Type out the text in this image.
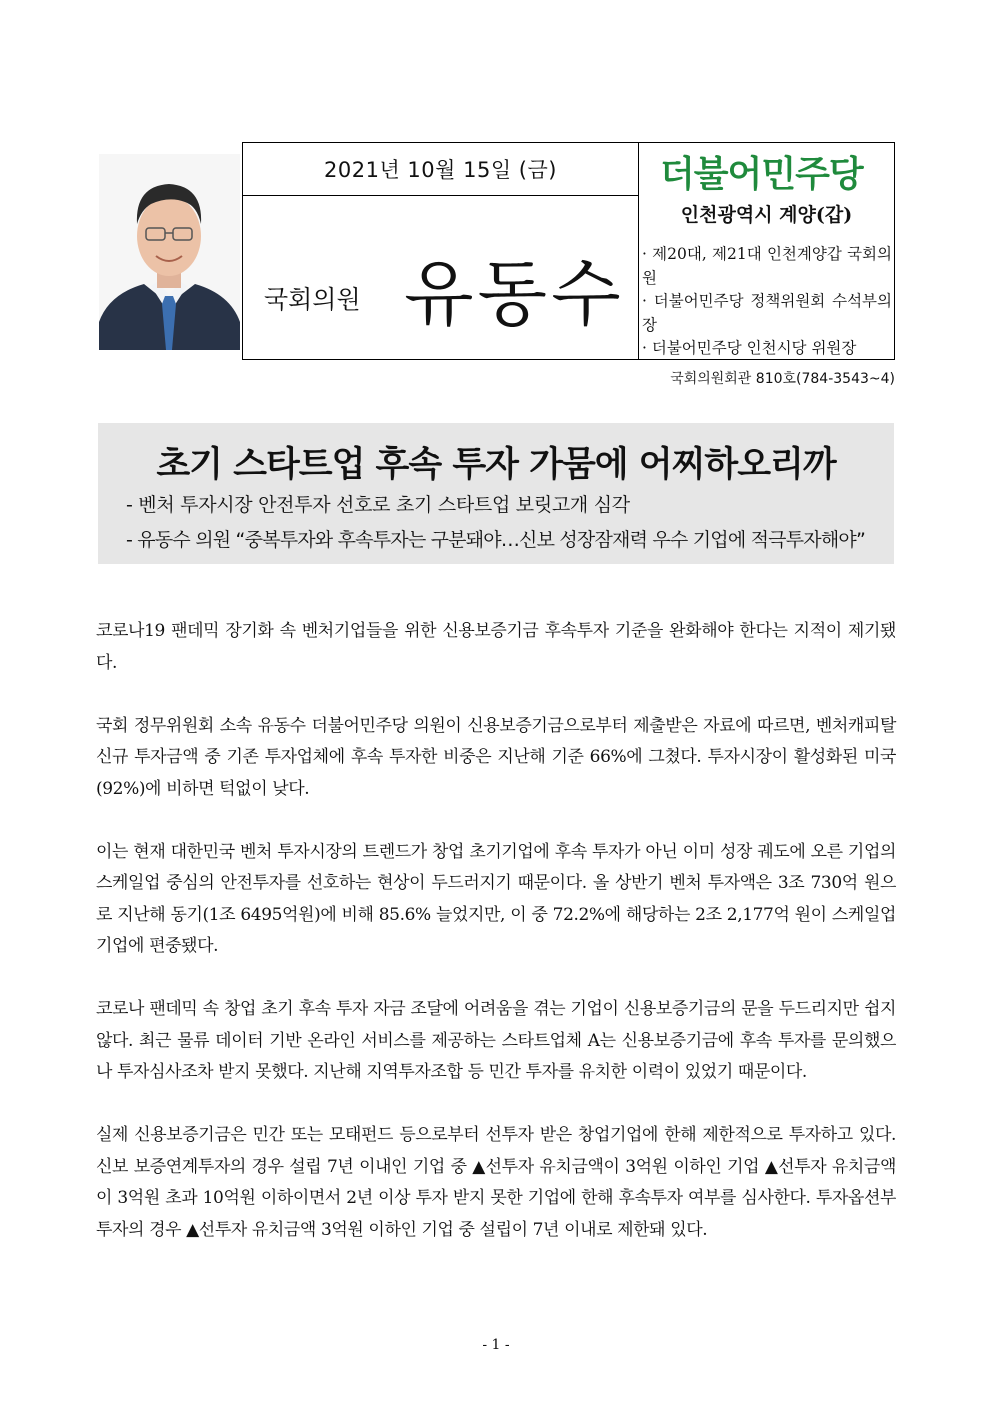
2021년 10월 15일 (금)
국회의원 유동수
더불어민주당
인천광역시 계양(갑)
· 제20대, 제21대 인천계양갑 국회의원
· 더불어민주당 정책위원회 수석부의장
· 더불어민주당 인천시당 위원장
국회의원회관 810호(784-3543~4)
초기 스타트업 후속 투자 가뭄에 어찌하오리까
- 벤처 투자시장 안전투자 선호로 초기 스타트업 보릿고개 심각
- 유동수 의원 “중복투자와 후속투자는 구분돼야…신보 성장잠재력 우수 기업에 적극투자해야”

코로나19 팬데믹 장기화 속 벤처기업들을 위한 신용보증기금 후속투자 기준을 완화해야 한다는 지적이 제기됐다.

국회 정무위원회 소속 유동수 더불어민주당 의원이 신용보증기금으로부터 제출받은 자료에 따르면, 벤처캐피탈 신규 투자금액 중 기존 투자업체에 후속 투자한 비중은 지난해 기준 66%에 그쳤다. 투자시장이 활성화된 미국(92%)에 비하면 턱없이 낮다.

이는 현재 대한민국 벤처 투자시장의 트렌드가 창업 초기기업에 후속 투자가 아닌 이미 성장 궤도에 오른 기업의 스케일업 중심의 안전투자를 선호하는 현상이 두드러지기 때문이다. 올 상반기 벤처 투자액은 3조 730억 원으로 지난해 동기(1조 6495억원)에 비해 85.6% 늘었지만, 이 중 72.2%에 해당하는 2조 2,177억 원이 스케일업 기업에 편중됐다.

코로나 팬데믹 속 창업 초기 후속 투자 자금 조달에 어려움을 겪는 기업이 신용보증기금의 문을 두드리지만 쉽지않다. 최근 물류 데이터 기반 온라인 서비스를 제공하는 스타트업체 A는 신용보증기금에 후속 투자를 문의했으나 투자심사조차 받지 못했다. 지난해 지역투자조합 등 민간 투자를 유치한 이력이 있었기 때문이다.

실제 신용보증기금은 민간 또는 모태펀드 등으로부터 선투자 받은 창업기업에 한해 제한적으로 투자하고 있다. 신보 보증연계투자의 경우 설립 7년 이내인 기업 중 ▲선투자 유치금액이 3억원 이하인 기업 ▲선투자 유치금액이 3억원 초과 10억원 이하이면서 2년 이상 투자 받지 못한 기업에 한해 후속투자 여부를 심사한다. 투자옵션부투자의 경우 ▲선투자 유치금액 3억원 이하인 기업 중 설립이 7년 이내로 제한돼 있다.

- 1 -
